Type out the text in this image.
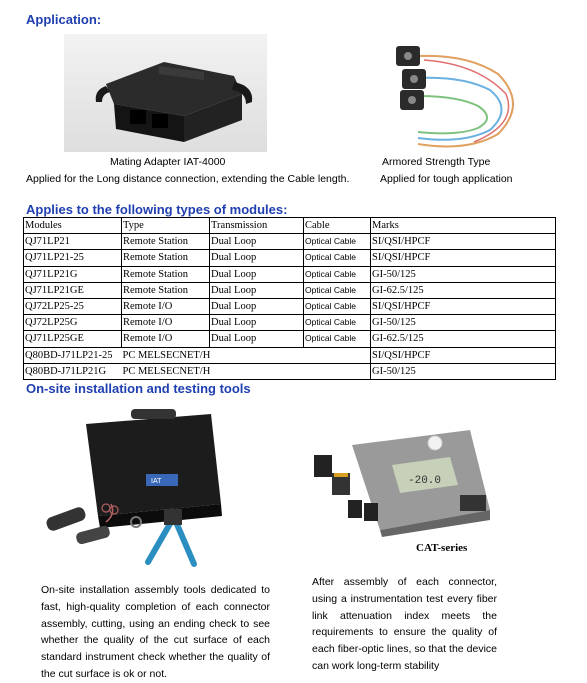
Application:
Mating Adapter IAT-4000
Applied for the Long distance connection, extending the Cable length.
Armored Strength Type
Applied for tough application
Applies to the following types of modules:
Modules	Type	Transmission	Cable	Marks
QJ71LP21	Remote Station	Dual Loop	Optical Cable	SI/QSI/HPCF
QJ71LP21-25	Remote Station	Dual Loop	Optical Cable	SI/QSI/HPCF
QJ71LP21G	Remote Station	Dual Loop	Optical Cable	GI-50/125
QJ71LP21GE	Remote Station	Dual Loop	Optical Cable	GI-62.5/125
QJ72LP25-25	Remote I/O	Dual Loop	Optical Cable	SI/QSI/HPCF
QJ72LP25G	Remote I/O	Dual Loop	Optical Cable	GI-50/125
QJ71LP25GE	Remote I/O	Dual Loop	Optical Cable	GI-62.5/125
Q80BD-J71LP21-25	PC MELSECNET/H			SI/QSI/HPCF
Q80BD-J71LP21G	PC MELSECNET/H			GI-50/125
On-site installation and testing tools
IAT	-20.0
CAT-series
On-site installation assembly tools dedicated to fast, high-quality completion of each connector assembly, cutting, using an ending check to see whether the quality of the cut surface of each standard instrument check whether the quality of the cut surface is ok or not.
After assembly of each connector, using a instrumentation test every fiber link attenuation index meets the requirements to ensure the quality of each fiber-optic lines, so that the device can work long-term stability
